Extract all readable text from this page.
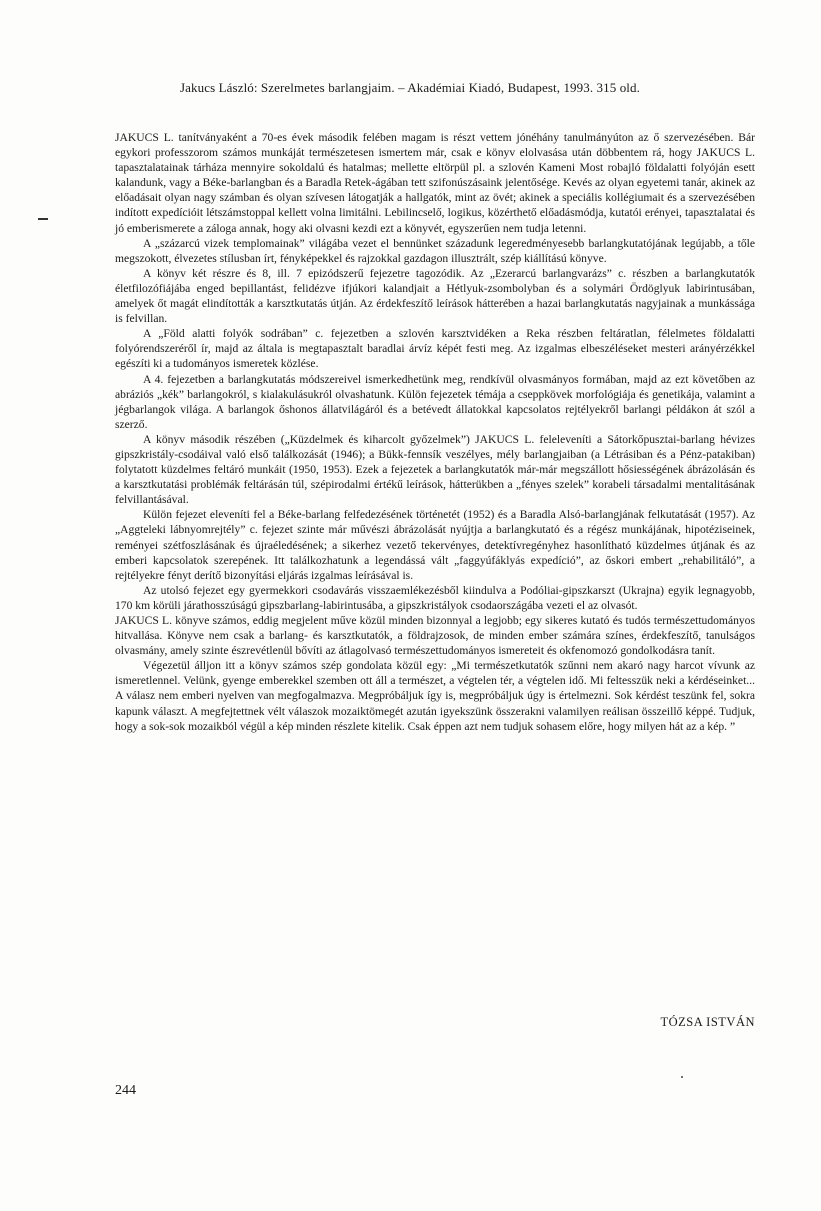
Jakucs László: Szerelmetes barlangjaim. – Akadémiai Kiadó, Budapest, 1993. 315 old.

JAKUCS L. tanítványaként a 70-es évek második felében magam is részt vettem jónéhány tanulmányúton az ő szervezésében. Bár egykori professzorom számos munkáját természetesen ismertem már, csak e könyv elolvasása után döbbentem rá, hogy JAKUCS L. tapasztalatainak tárháza mennyire sokoldalú és hatalmas; mellette eltörpül pl. a szlovén Kameni Most robajló földalatti folyóján esett kalandunk, vagy a Béke-barlangban és a Baradla Retek-ágában tett szifonúszásaink jelentősége. Kevés az olyan egyetemi tanár, akinek az előadásait olyan nagy számban és olyan szívesen látogatják a hallgatók, mint az övét; akinek a speciális kollégiumait és a szervezésében indított expedícióit létszámstoppal kellett volna limitálni. Lebilincselő, logikus, közérthető előadásmódja, kutatói erényei, tapasztalatai és jó emberismerete a záloga annak, hogy aki olvasni kezdi ezt a könyvét, egyszerűen nem tudja letenni.

A „százarcú vizek templomainak” világába vezet el bennünket századunk legeredményesebb barlangkutatójának legújabb, a tőle megszokott, élvezetes stílusban írt, fényképekkel és rajzokkal gazdagon illusztrált, szép kiállítású könyve.

A könyv két részre és 8, ill. 7 epizódszerű fejezetre tagozódik. Az „Ezerarcú barlangvarázs” c. részben a barlangkutatók életfilozófiájába enged bepillantást, felidézve ifjúkori kalandjait a Hétlyuk-zsombolyban és a solymári Ördöglyuk labirintusában, amelyek őt magát elindították a karsztkutatás útján. Az érdekfeszítő leírások hátterében a hazai barlangkutatás nagyjainak a munkássága is felvillan.

A „Föld alatti folyók sodrában” c. fejezetben a szlovén karsztvidéken a Reka részben feltáratlan, félelmetes földalatti folyórendszeréről ír, majd az általa is megtapasztalt baradlai árvíz képét festi meg. Az izgalmas elbeszéléseket mesteri arányérzékkel egészíti ki a tudományos ismeretek közlése.

A 4. fejezetben a barlangkutatás módszereivel ismerkedhetünk meg, rendkívül olvasmányos formában, majd az ezt követőben az abráziós „kék” barlangokról, s kialakulásukról olvashatunk. Külön fejezetek témája a cseppkövek morfológiája és genetikája, valamint a jégbarlangok világa. A barlangok őshonos állatvilágáról és a betévedt állatokkal kapcsolatos rejtélyekről barlangi példákon át szól a szerző.

A könyv második részében („Küzdelmek és kiharcolt győzelmek”) JAKUCS L. feleleveníti a Sátorkőpusztai-barlang hévizes gipszkristály-csodáival való első találkozását (1946); a Bükk-fennsík veszélyes, mély barlangjaiban (a Létrásiban és a Pénz-patakiban) folytatott küzdelmes feltáró munkáit (1950, 1953). Ezek a fejezetek a barlangkutatók már-már megszállott hősiességének ábrázolásán és a karsztkutatási problémák feltárásán túl, szépirodalmi értékű leírások, hátterükben a „fényes szelek” korabeli társadalmi mentalitásának felvillantásával.

Külön fejezet eleveníti fel a Béke-barlang felfedezésének történetét (1952) és a Baradla Alsó-barlangjának felkutatását (1957). Az „Aggteleki lábnyomrejtély” c. fejezet szinte már művészi ábrázolását nyújtja a barlangkutató és a régész munkájának, hipotéziseinek, reményei szétfoszlásának és újraéledésének; a sikerhez vezető tekervényes, detektívregényhez hasonlítható küzdelmes útjának és az emberi kapcsolatok szerepének. Itt találkozhatunk a legendássá vált „faggyúfáklyás expedíció”, az őskori embert „rehabilitáló”, a rejtélyekre fényt derítő bizonyítási eljárás izgalmas leírásával is.

Az utolsó fejezet egy gyermekkori csodavárás visszaemlékezésből kiindulva a Podóliai-gipszkarszt (Ukrajna) egyik legnagyobb, 170 km körüli járathosszúságú gipszbarlang-labirintusába, a gipszkristályok csodaországába vezeti el az olvasót.

JAKUCS L. könyve számos, eddig megjelent műve közül minden bizonnyal a legjobb; egy sikeres kutató és tudós természettudományos hitvallása. Könyve nem csak a barlang- és karsztkutatók, a földrajzosok, de minden ember számára színes, érdekfeszítő, tanulságos olvasmány, amely szinte észrevétlenül bővíti az átlagolvasó természettudományos ismereteit és okfenomozó gondolkodásra tanít.

Végezetül álljon itt a könyv számos szép gondolata közül egy: „Mi természetkutatók szűnni nem akaró nagy harcot vívunk az ismeretlennel. Velünk, gyenge emberekkel szemben ott áll a természet, a végtelen tér, a végtelen idő. Mi feltesszük neki a kérdéseinket... A válasz nem emberi nyelven van megfogalmazva. Megpróbáljuk így is, megpróbáljuk úgy is értelmezni. Sok kérdést teszünk fel, sokra kapunk választ. A megfejtettnek vélt válaszok mozaiktömegét azután igyekszünk összerakni valamilyen reálisan összeillő képpé. Tudjuk, hogy a sok-sok mozaikból végül a kép minden részlete kitelik. Csak éppen azt nem tudjuk sohasem előre, hogy milyen hát az a kép. ”

TÓZSA ISTVÁN
244
